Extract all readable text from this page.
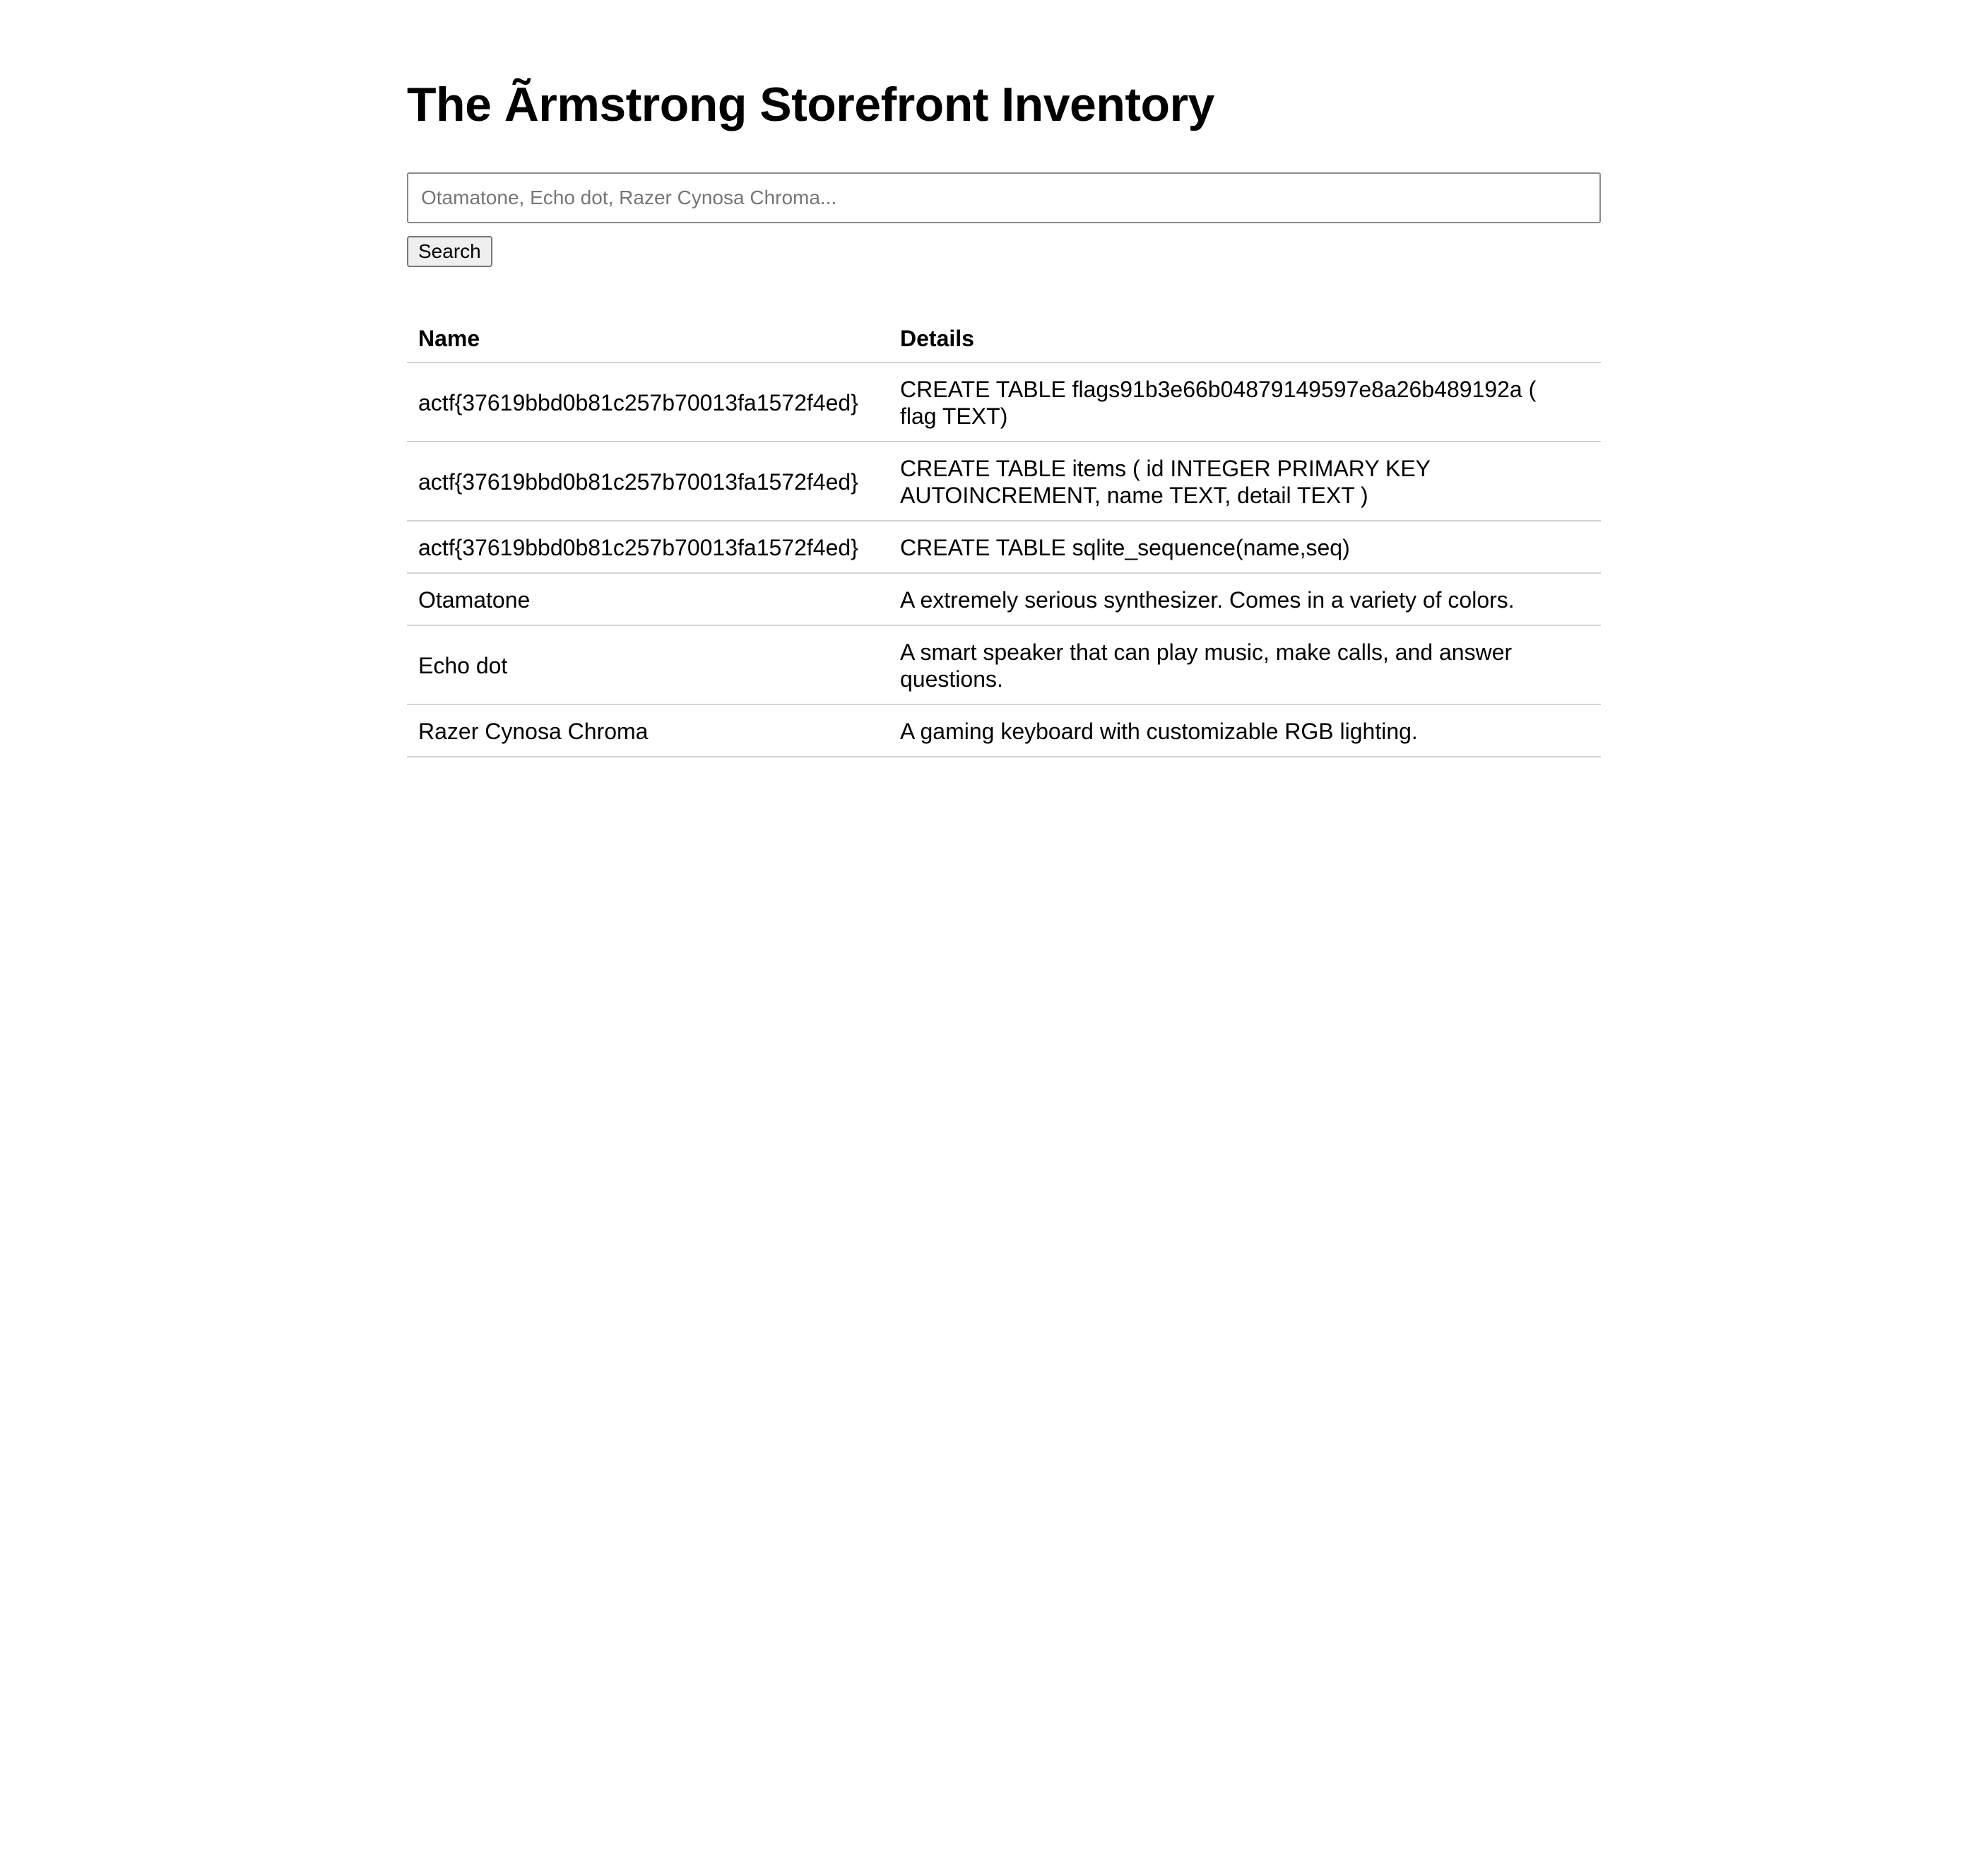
The Ãrmstrong Storefront Inventory
Otamatone, Echo dot, Razer Cynosa Chroma...
Search
Name	Details
actf{37619bbd0b81c257b70013fa1572f4ed}	CREATE TABLE flags91b3e66b04879149597e8a26b489192a ( flag TEXT)

actf{37619bbd0b81c257b70013fa1572f4ed}	CREATE TABLE items ( id INTEGER PRIMARY KEY AUTOINCREMENT, name TEXT, detail TEXT )

actf{37619bbd0b81c257b70013fa1572f4ed}	CREATE TABLE sqlite_sequence(name,seq)

Otamatone	A extremely serious synthesizer. Comes in a variety of colors.

Echo dot	A smart speaker that can play music, make calls, and answer questions.

Razer Cynosa Chroma	A gaming keyboard with customizable RGB lighting.
